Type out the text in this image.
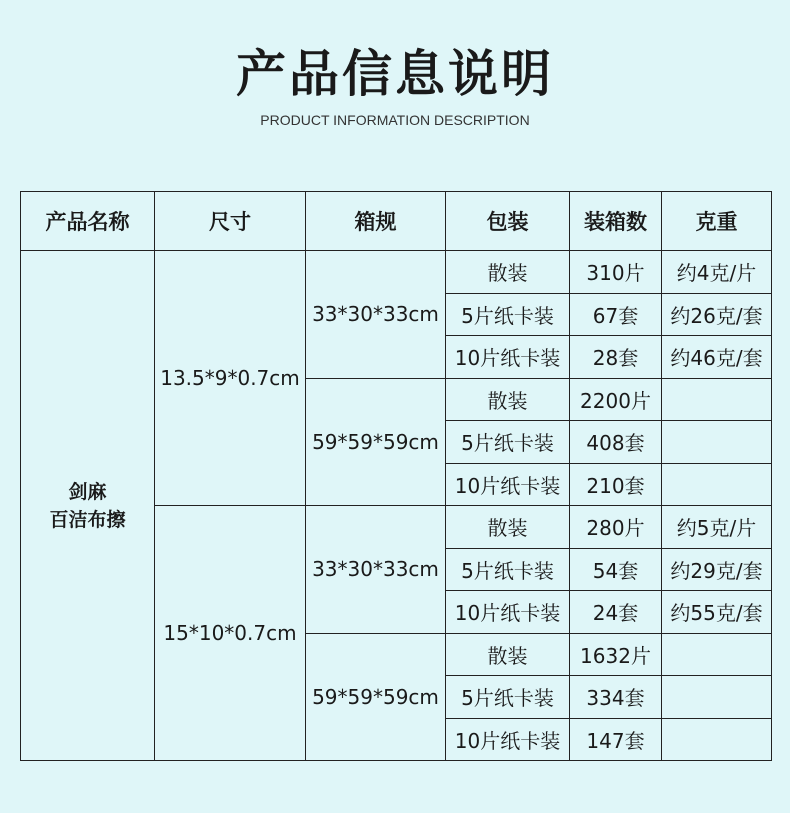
产品信息说明
PRODUCT INFORMATION DESCRIPTION
产品名称	尺寸	箱规	包装	装箱数	克重

剑麻
百洁布擦	13.5*9*0.7cm	33*30*33cm	散装	310片	约4克/片
			5片纸卡装	67套	约26克/套
			10片纸卡装	28套	约46克/套
		59*59*59cm	散装	2200片	
			5片纸卡装	408套	
			10片纸卡装	210套	
	15*10*0.7cm	33*30*33cm	散装	280片	约5克/片
			5片纸卡装	54套	约29克/套
			10片纸卡装	24套	约55克/套
		59*59*59cm	散装	1632片	
			5片纸卡装	334套	
			10片纸卡装	147套	
